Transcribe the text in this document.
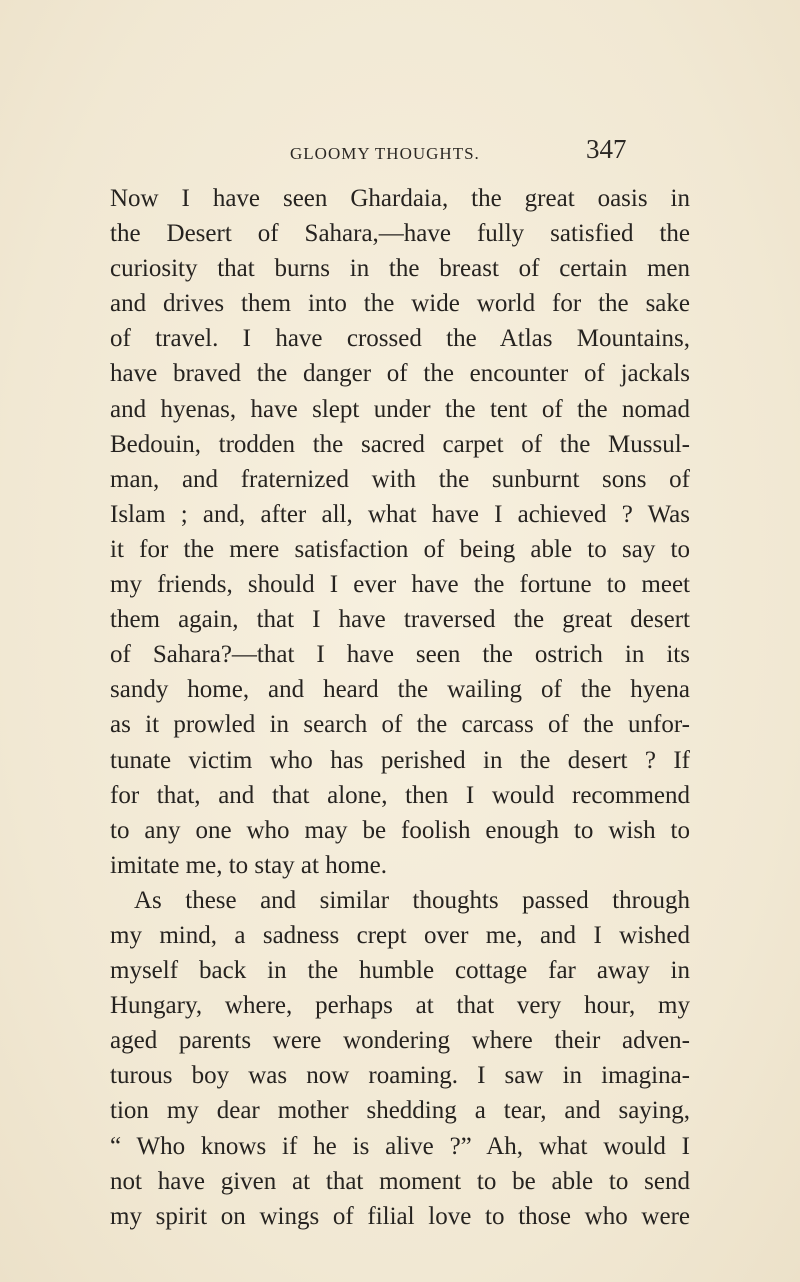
GLOOMY THOUGHTS.	347
Now I have seen Ghardaia, the great oasis in
the Desert of Sahara,—have fully satisfied the
curiosity that burns in the breast of certain men
and drives them into the wide world for the sake
of travel. I have crossed the Atlas Mountains,
have braved the danger of the encounter of jackals
and hyenas, have slept under the tent of the nomad
Bedouin, trodden the sacred carpet of the Mussul-
man, and fraternized with the sunburnt sons of
Islam ; and, after all, what have I achieved ? Was
it for the mere satisfaction of being able to say to
my friends, should I ever have the fortune to meet
them again, that I have traversed the great desert
of Sahara?—that I have seen the ostrich in its
sandy home, and heard the wailing of the hyena
as it prowled in search of the carcass of the unfor-
tunate victim who has perished in the desert ? If
for that, and that alone, then I would recommend
to any one who may be foolish enough to wish to
imitate me, to stay at home.
As these and similar thoughts passed through
my mind, a sadness crept over me, and I wished
myself back in the humble cottage far away in
Hungary, where, perhaps at that very hour, my
aged parents were wondering where their adven-
turous boy was now roaming. I saw in imagina-
tion my dear mother shedding a tear, and saying,
“ Who knows if he is alive ?” Ah, what would I
not have given at that moment to be able to send
my spirit on wings of filial love to those who were
